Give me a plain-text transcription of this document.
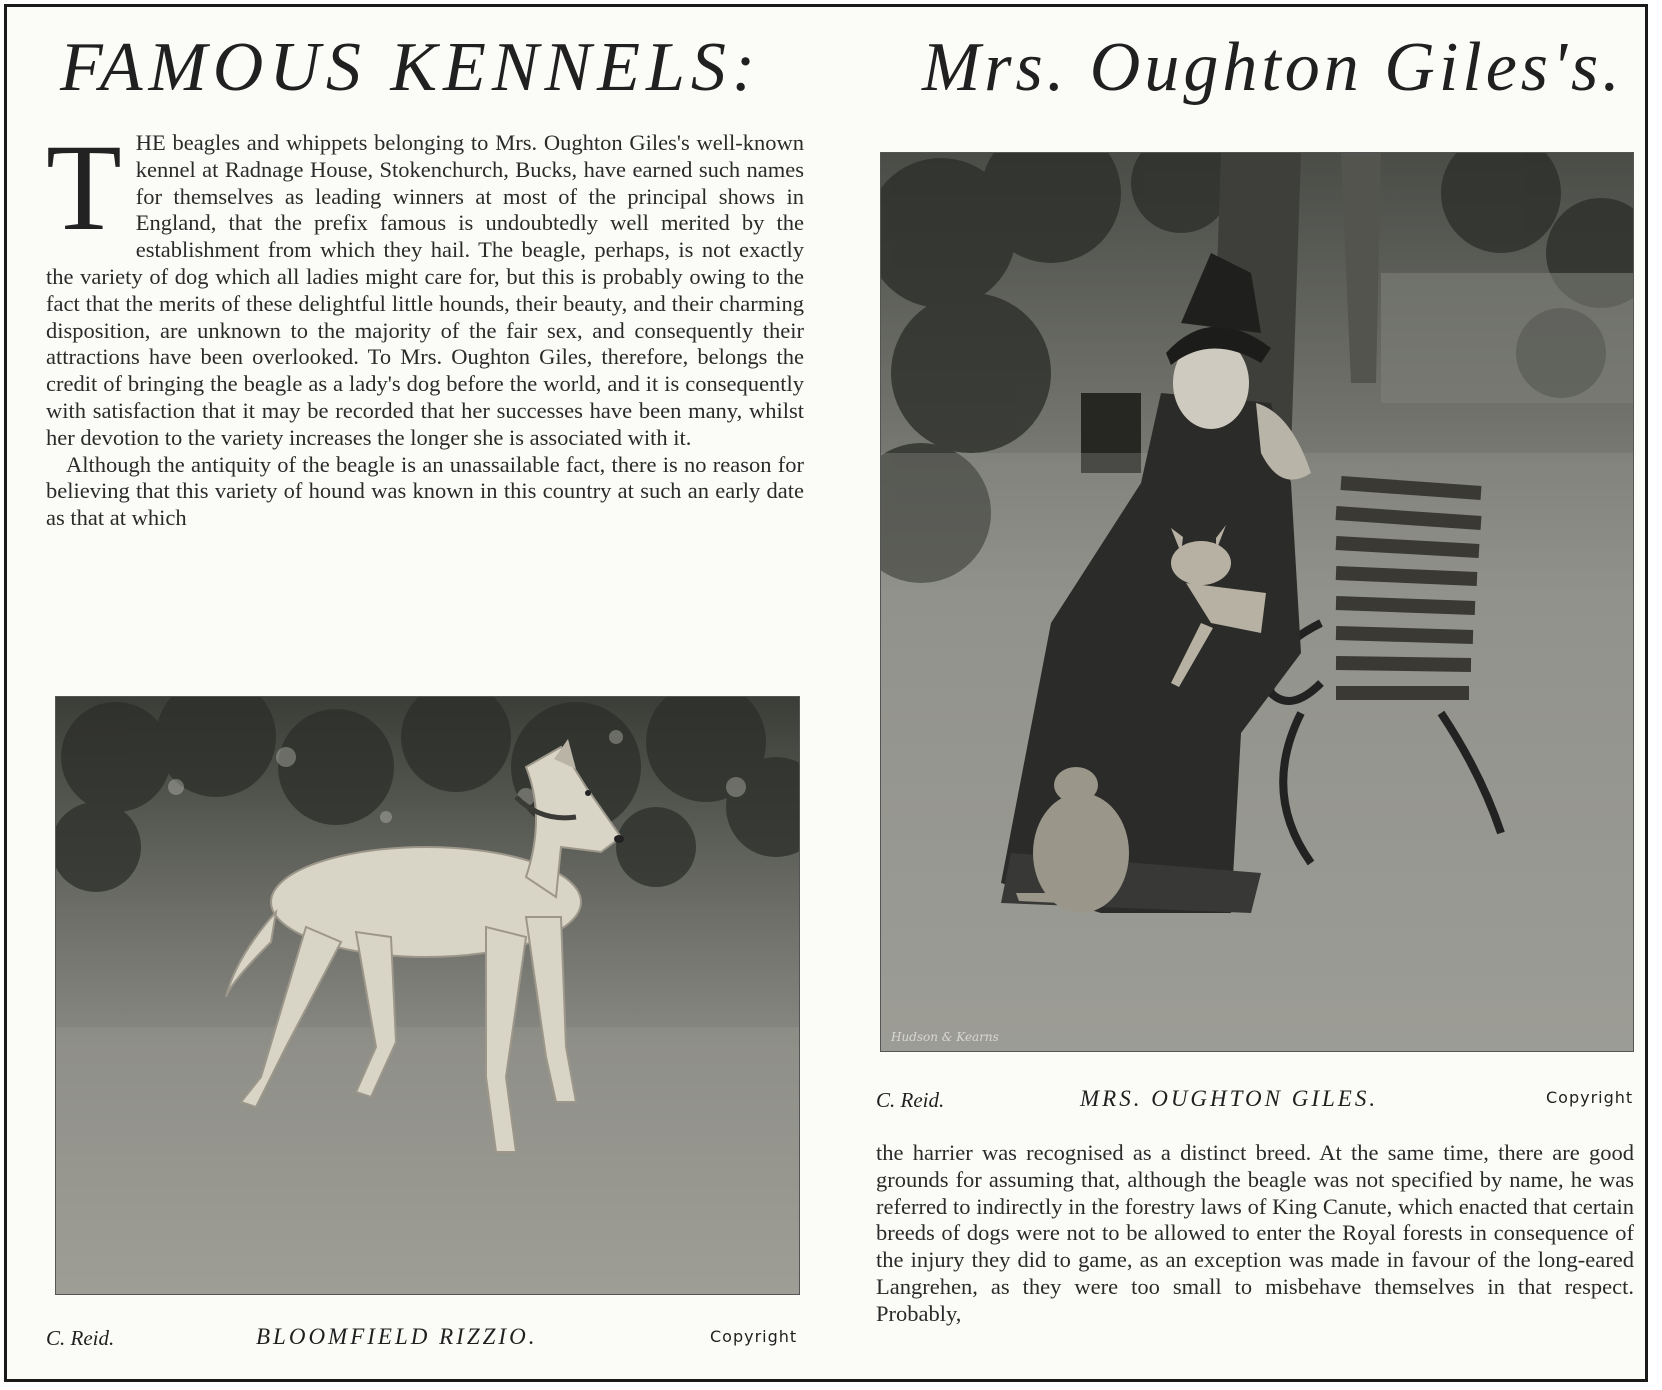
FAMOUS KENNELS: Mrs. Oughton Giles's.

THE beagles and whippets belonging to Mrs. Oughton Giles's well-known kennel at Radnage House, Stokenchurch, Bucks, have earned such names for themselves as leading winners at most of the principal shows in England, that the prefix famous is undoubtedly well merited by the establishment from which they hail. The beagle, perhaps, is not exactly the variety of dog which all ladies might care for, but this is probably owing to the fact that the merits of these delightful little hounds, their beauty, and their charming disposition, are unknown to the majority of the fair sex, and consequently their attractions have been overlooked. To Mrs. Oughton Giles, therefore, belongs the credit of bringing the beagle as a lady's dog before the world, and it is consequently with satisfaction that it may be recorded that her successes have been many, whilst her devotion to the variety increases the longer she is associated with it.

Although the antiquity of the beagle is an unassailable fact, there is no reason for believing that this variety of hound was known in this country at such an early date as that at which

C. Reid.	BLOOMFIELD RIZZIO.	Copyright
Hudson & Kearns
C. Reid.	MRS. OUGHTON GILES.	Copyright

the harrier was recognised as a distinct breed. At the same time, there are good grounds for assuming that, although the beagle was not specified by name, he was referred to indirectly in the forestry laws of King Canute, which enacted that certain breeds of dogs were not to be allowed to enter the Royal forests in consequence of the injury they did to game, as an exception was made in favour of the long-eared Langrehen, as they were too small to misbehave themselves in that respect. Probably,
